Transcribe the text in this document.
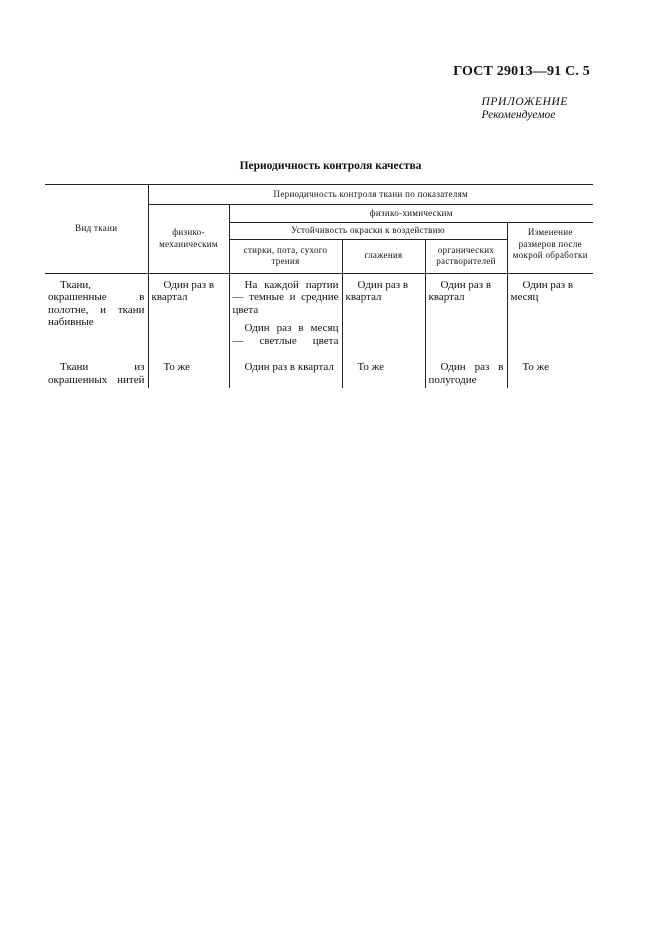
ГОСТ 29013—91 С. 5
ПРИЛОЖЕНИЕ
Рекомендуемое
Периодичность контроля качества
Вид ткани	Периодичность контроля ткани по показателям				
	физико-механическим	физико-химическим			
		Устойчивость окраски к воздействию			Изменение размеров после мокрой обработки
		стирки, пота, сухого трения	глажения	органических растворителей	
Ткани, окрашенные в полотне, и ткани набивные	Один раз в квартал	На каждой партии — темные и средние цвета	Один раз в квартал	Один раз в квартал	Один раз в месяц
		Один раз в месяц — светлые цвета			
Ткани из окрашенных нитей	То же	Один раз в квартал	То же	Один раз в полугодие	То же
